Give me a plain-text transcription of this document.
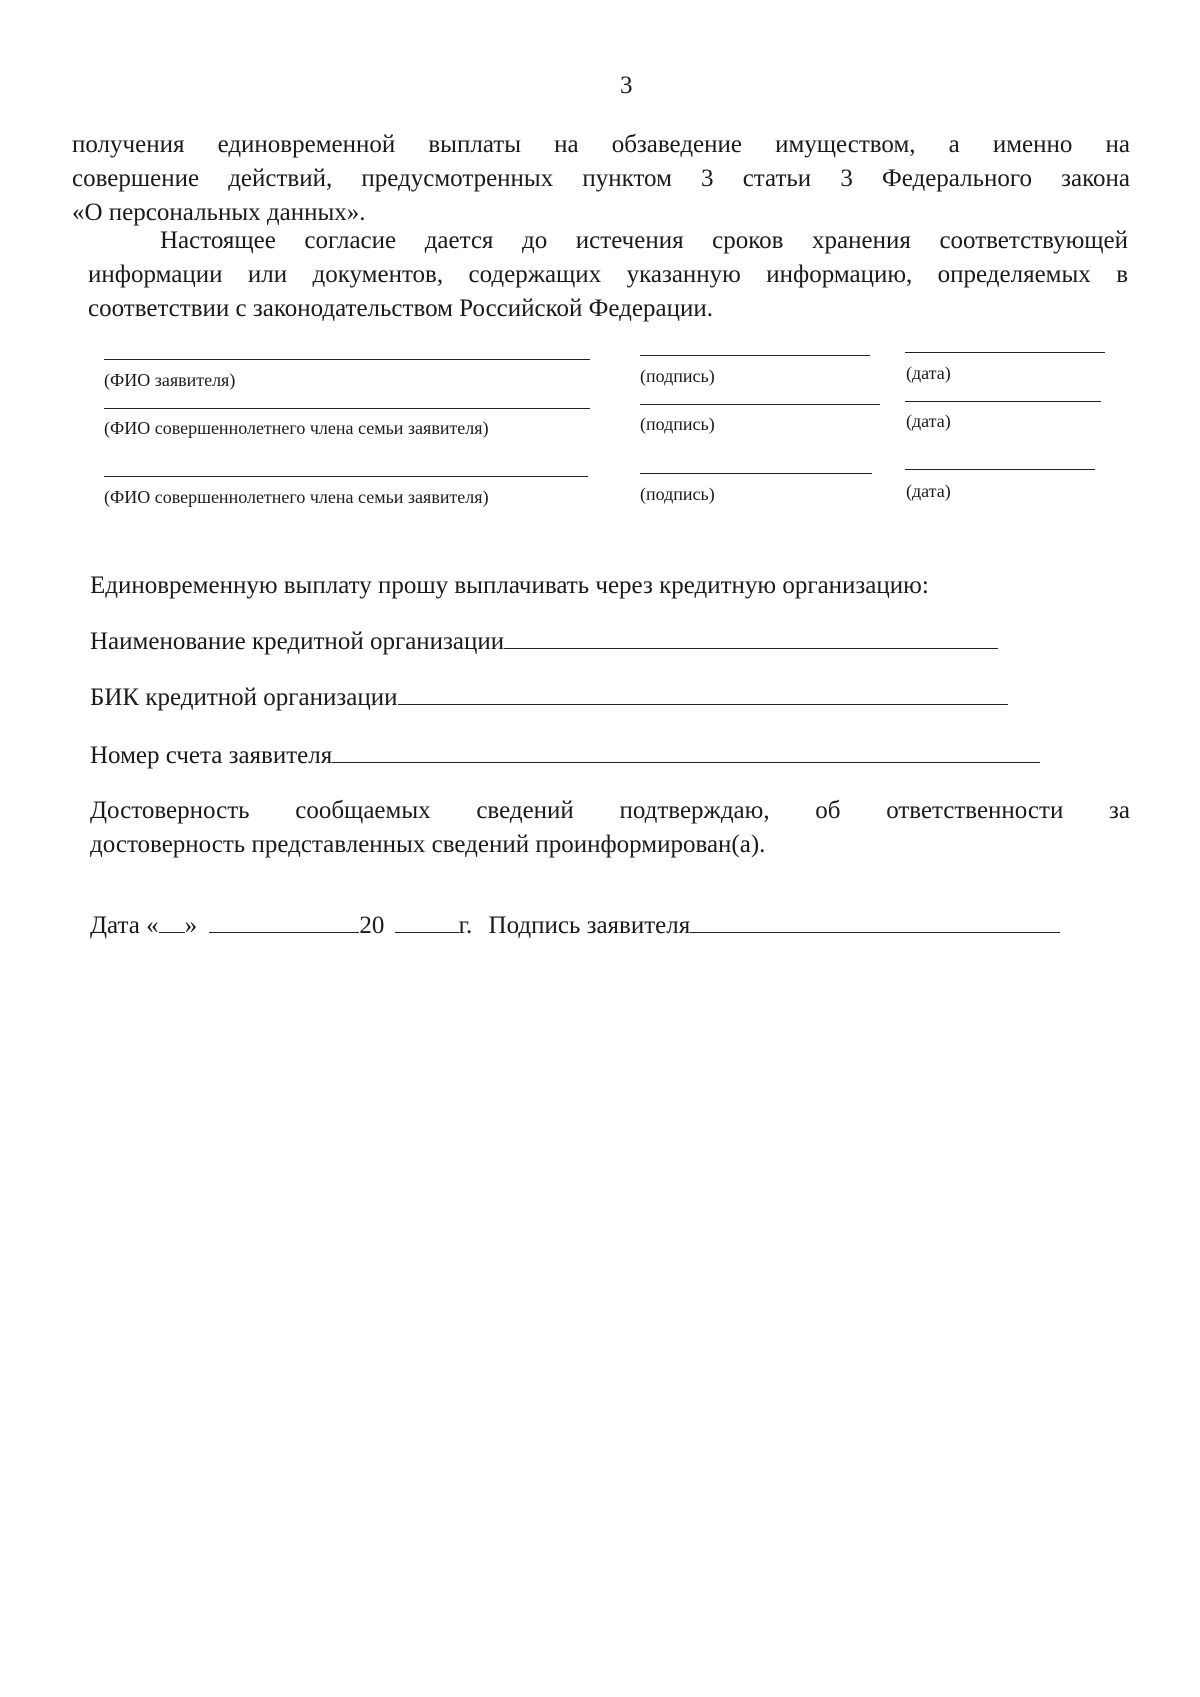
3
получения единовременной выплаты на обзаведение имуществом, а именно на
совершение действий, предусмотренных пунктом 3 статьи 3 Федерального закона
«О персональных данных».
Настоящее согласие дается до истечения сроков хранения соответствующей
информации или документов, содержащих указанную информацию, определяемых в
соответствии с законодательством Российской Федерации.
(ФИО заявителя)	(подпись)	(дата)
(ФИО совершеннолетнего члена семьи заявителя)	(подпись)	(дата)
(ФИО совершеннолетнего члена семьи заявителя)	(подпись)	(дата)
Единовременную выплату прошу выплачивать через кредитную организацию:
Наименование кредитной организации
БИК кредитной организации
Номер счета заявителя
Достоверность сообщаемых сведений подтверждаю, об ответственности за
достоверность представленных сведений проинформирован(а).
Дата « »	20	г. Подпись заявителя
